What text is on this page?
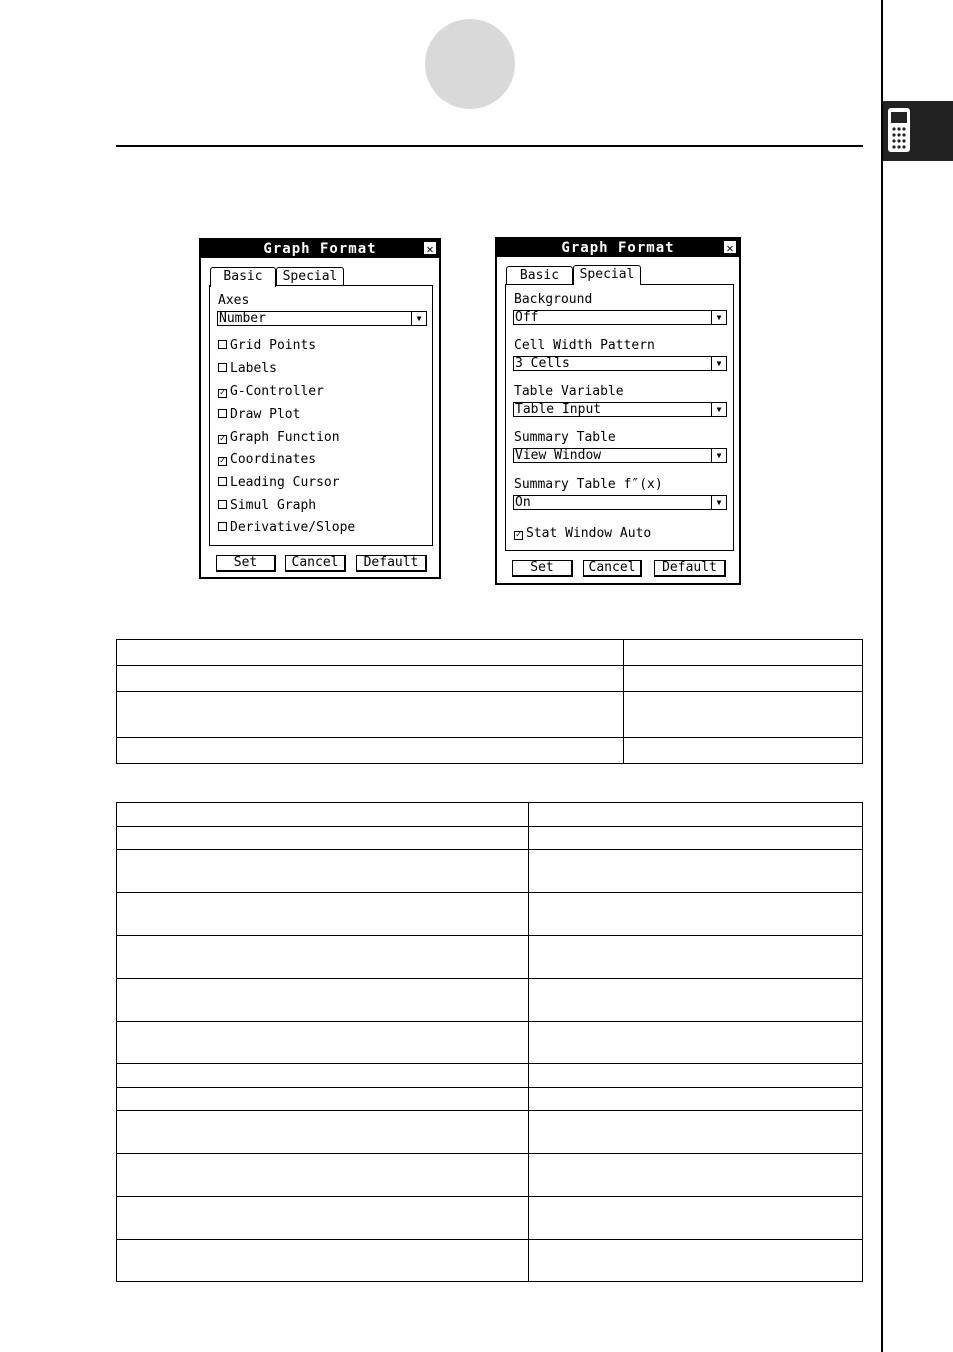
Graph Format	✕
Basic	Special
Axes
Number	▼
Grid Points
Labels
✓ G-Controller
Draw Plot
✓ Graph Function
✓ Coordinates
Leading Cursor
Simul Graph
Derivative/Slope
Set	Cancel	Default
Graph Format	✕
Basic	Special
Background
Off	▼
Cell Width Pattern
3 Cells	▼
Table Variable
Table Input	▼
Summary Table
View Window	▼
Summary Table f″(x)
On	▼
✓ Stat Window Auto
Set	Cancel	Default
